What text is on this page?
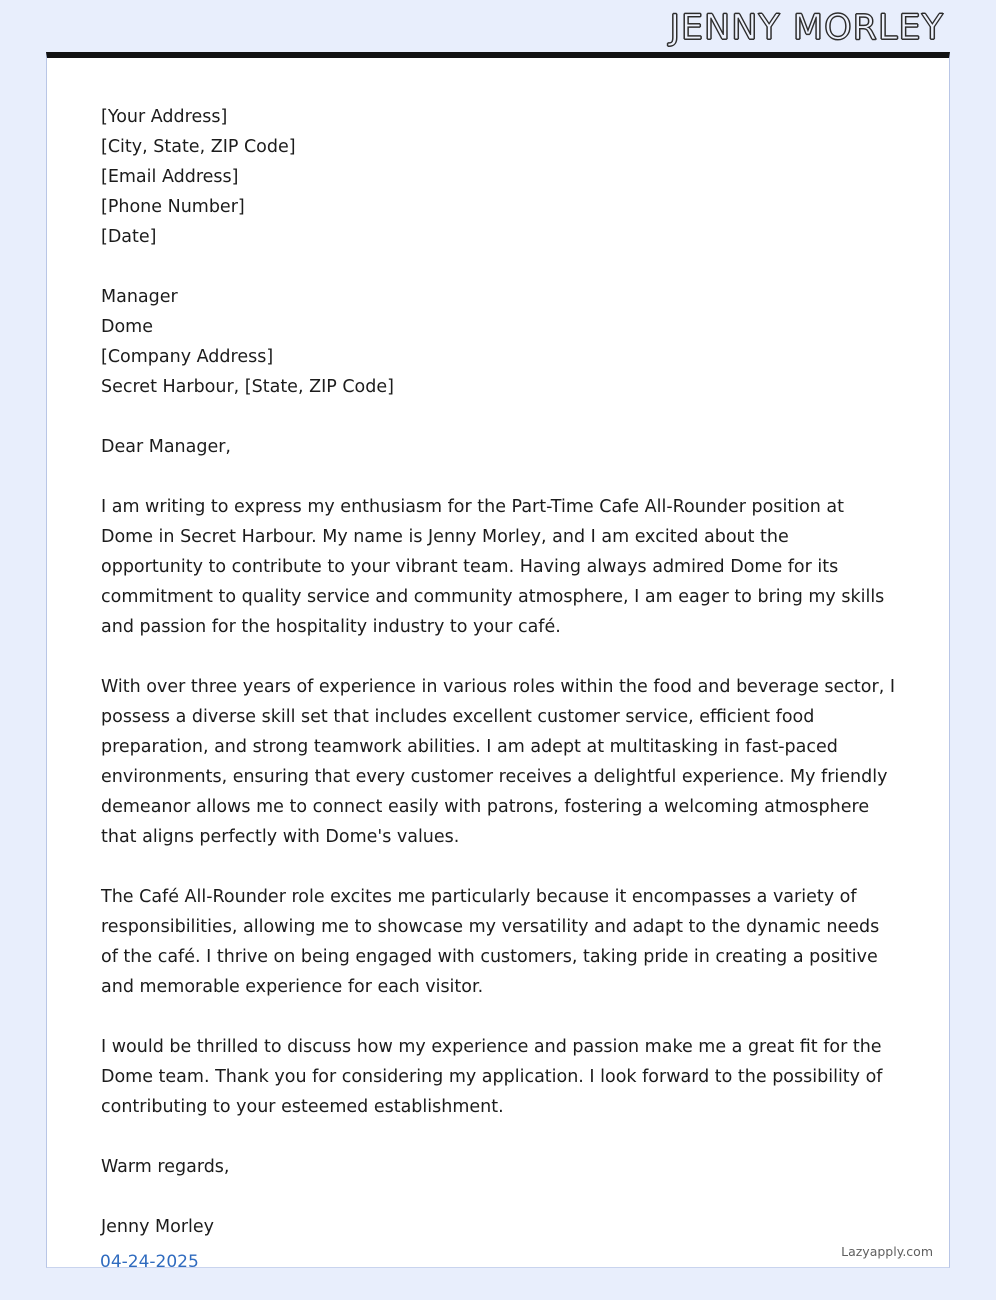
JENNY MORLEY
[Your Address]
[City, State, ZIP Code]
[Email Address]
[Phone Number]
[Date]
Manager
Dome
[Company Address]
Secret Harbour, [State, ZIP Code]

Dear Manager,

I am writing to express my enthusiasm for the Part-Time Cafe All-Rounder position at Dome in Secret Harbour. My name is Jenny Morley, and I am excited about the opportunity to contribute to your vibrant team. Having always admired Dome for its commitment to quality service and community atmosphere, I am eager to bring my skills and passion for the hospitality industry to your café.

With over three years of experience in various roles within the food and beverage sector, I possess a diverse skill set that includes excellent customer service, efficient food preparation, and strong teamwork abilities. I am adept at multitasking in fast-paced environments, ensuring that every customer receives a delightful experience. My friendly demeanor allows me to connect easily with patrons, fostering a welcoming atmosphere that aligns perfectly with Dome's values.

The Café All-Rounder role excites me particularly because it encompasses a variety of responsibilities, allowing me to showcase my versatility and adapt to the dynamic needs of the café. I thrive on being engaged with customers, taking pride in creating a positive and memorable experience for each visitor.

I would be thrilled to discuss how my experience and passion make me a great fit for the Dome team. Thank you for considering my application. I look forward to the possibility of contributing to your esteemed establishment.

Warm regards,

Jenny Morley

Lazyapply.com
04-24-2025
